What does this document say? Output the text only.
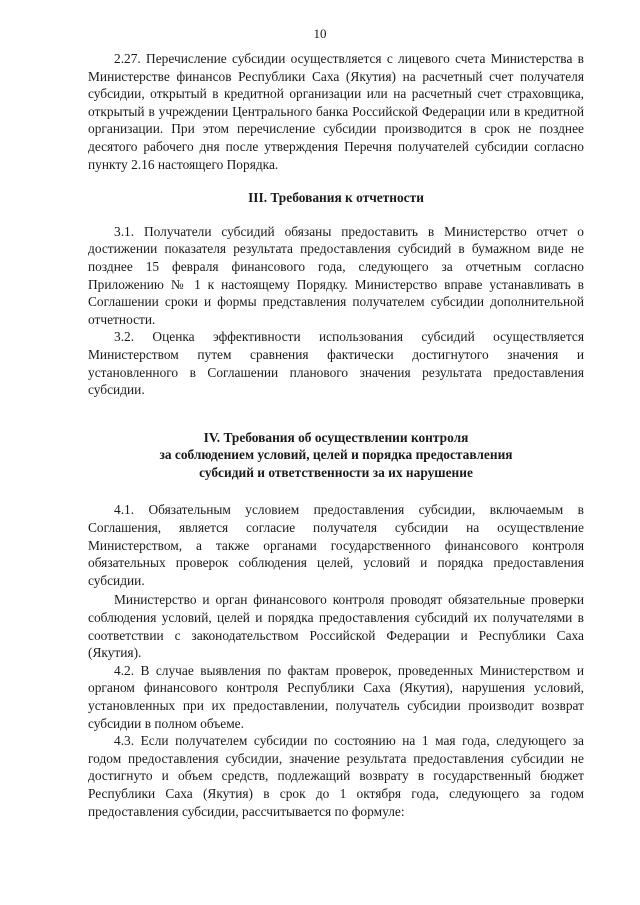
10

2.27. Перечисление субсидии осуществляется с лицевого счета Министерства в Министерстве финансов Республики Саха (Якутия) на расчетный счет получателя субсидии, открытый в кредитной организации или на расчетный счет страховщика, открытый в учреждении Центрального банка Российской Федерации или в кредитной организации. При этом перечисление субсидии производится в срок не позднее десятого рабочего дня после утверждения Перечня получателей субсидии согласно пункту 2.16 настоящего Порядка.

III. Требования к отчетности

3.1. Получатели субсидий обязаны предоставить в Министерство отчет о достижении показателя результата предоставления субсидий в бумажном виде не позднее 15 февраля финансового года, следующего за отчетным согласно Приложению № 1 к настоящему Порядку. Министерство вправе устанавливать в Соглашении сроки и формы представления получателем субсидии дополнительной отчетности.

3.2. Оценка эффективности использования субсидий осуществляется Министерством путем сравнения фактически достигнутого значения и установленного в Соглашении планового значения результата предоставления субсидии.

IV. Требования об осуществлении контроля
за соблюдением условий, целей и порядка предоставления
субсидий и ответственности за их нарушение

4.1. Обязательным условием предоставления субсидии, включаемым в Соглашения, является согласие получателя субсидии на осуществление Министерством, а также органами государственного финансового контроля обязательных проверок соблюдения целей, условий и порядка предоставления субсидии.

Министерство и орган финансового контроля проводят обязательные проверки соблюдения условий, целей и порядка предоставления субсидий их получателями в соответствии с законодательством Российской Федерации и Республики Саха (Якутия).

4.2. В случае выявления по фактам проверок, проведенных Министерством и органом финансового контроля Республики Саха (Якутия), нарушения условий, установленных при их предоставлении, получатель субсидии производит возврат субсидии в полном объеме.

4.3. Если получателем субсидии по состоянию на 1 мая года, следующего за годом предоставления субсидии, значение результата предоставления субсидии не достигнуто и объем средств, подлежащий возврату в государственный бюджет Республики Саха (Якутия) в срок до 1 октября года, следующего за годом предоставления субсидии, рассчитывается по формуле:
